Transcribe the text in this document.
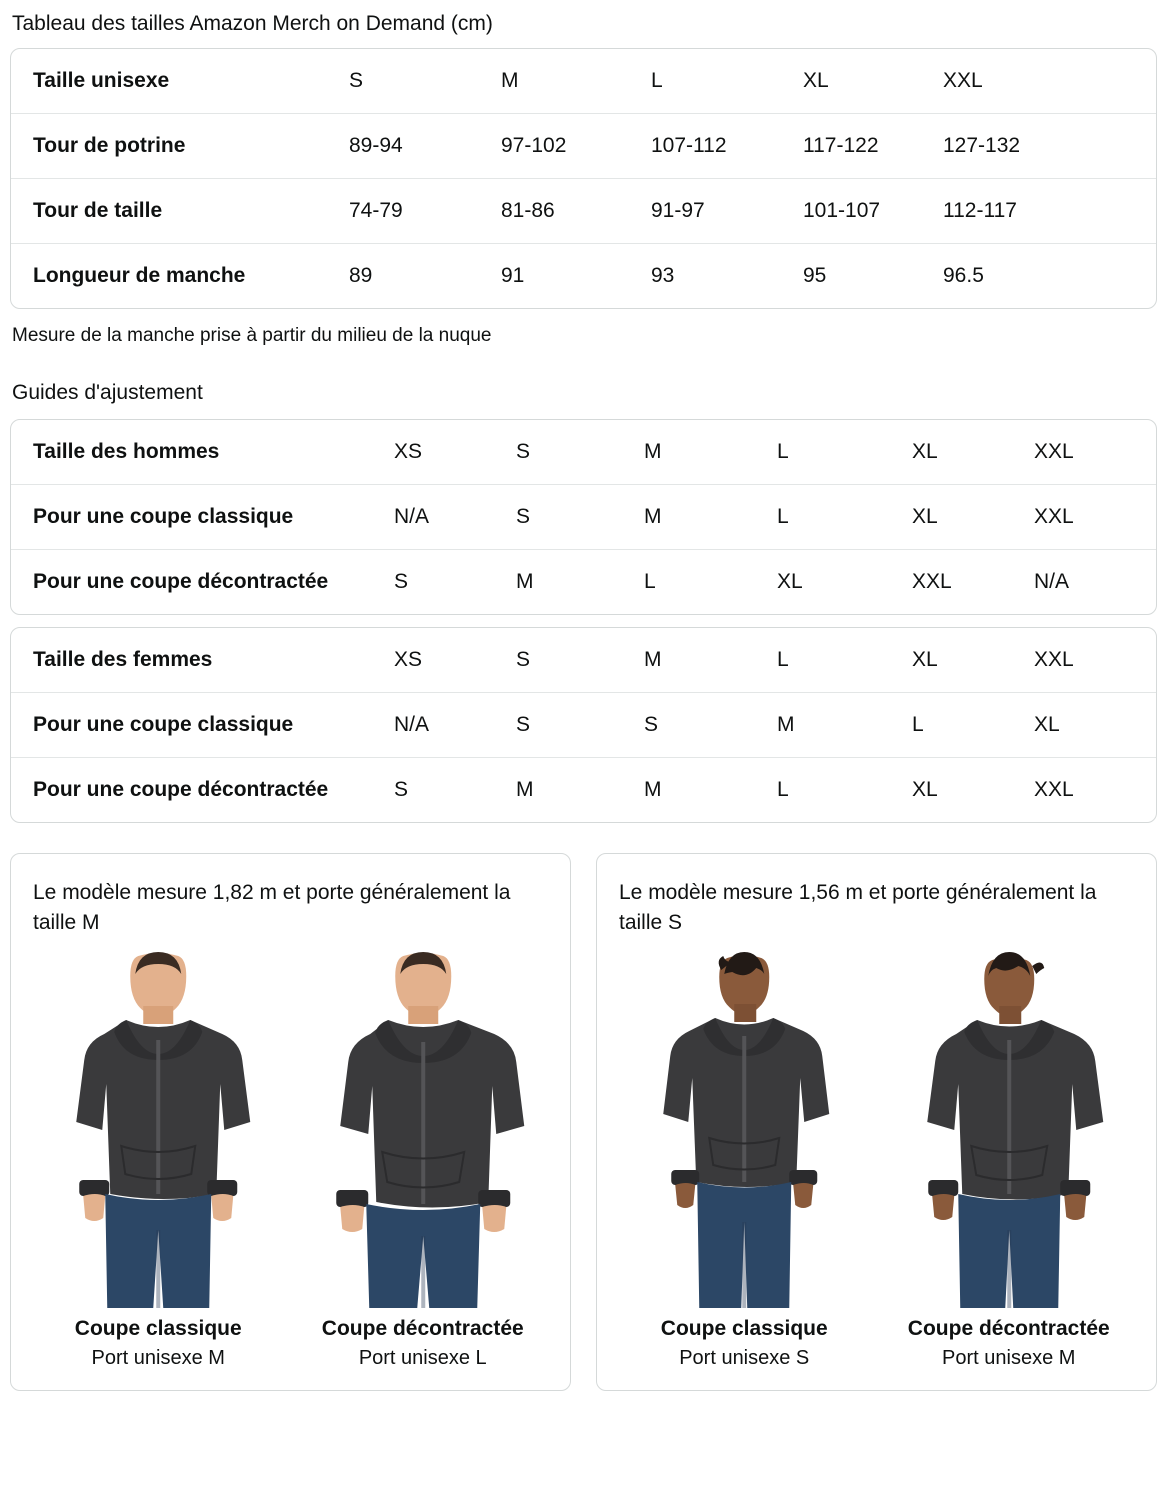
Tableau des tailles Amazon Merch on Demand (cm)
Taille unisexe	S	M	L	XL	XXL
Tour de potrine	89-94	97-102	107-112	117-122	127-132
Tour de taille	74-79	81-86	91-97	101-107	112-117
Longueur de manche	89	91	93	95	96.5
Mesure de la manche prise à partir du milieu de la nuque
Guides d'ajustement
Taille des hommes	XS	S	M	L	XL	XXL
Pour une coupe classique	N/A	S	M	L	XL	XXL
Pour une coupe décontractée	S	M	L	XL	XXL	N/A
Taille des femmes	XS	S	M	L	XL	XXL
Pour une coupe classique	N/A	S	S	M	L	XL
Pour une coupe décontractée	S	M	M	L	XL	XXL
Le modèle mesure 1,82 m et porte généralement la taille M
Coupe classique
Port unisexe M
Coupe décontractée
Port unisexe L
Le modèle mesure 1,56 m et porte généralement la taille S
Coupe classique
Port unisexe S
Coupe décontractée
Port unisexe M
